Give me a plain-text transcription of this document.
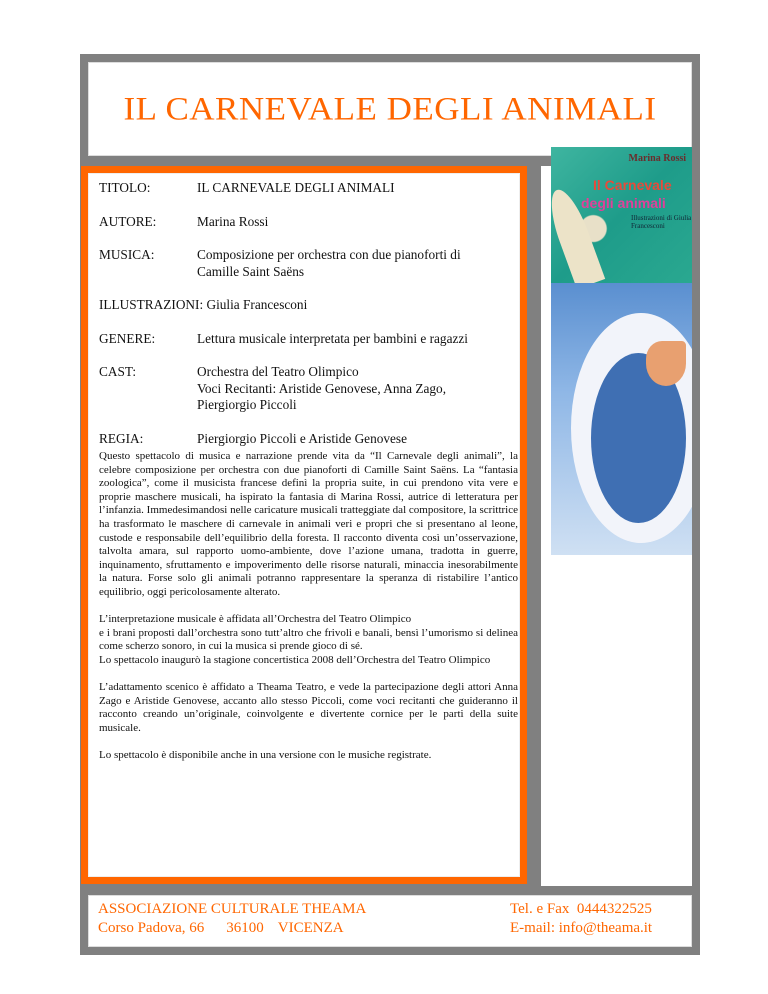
IL CARNEVALE DEGLI ANIMALI
TITOLO:	IL CARNEVALE DEGLI ANIMALI
AUTORE:	Marina Rossi
MUSICA:	Composizione per orchestra con due pianoforti di
Camille Saint Saëns
ILLUSTRAZIONI: Giulia Francesconi
GENERE:	Lettura musicale interpretata per bambini e ragazzi
CAST:	Orchestra del Teatro Olimpico
Voci Recitanti: Aristide Genovese, Anna Zago,
Piergiorgio Piccoli
REGIA:	Piergiorgio Piccoli e Aristide Genovese

Questo spettacolo di musica e narrazione prende vita da “Il Carnevale degli animali”, la celebre composizione per orchestra con due pianoforti di Camille Saint Saëns. La “fantasia zoologica”, come il musicista francese definì la propria suite, in cui prendono vita vere e proprie maschere musicali, ha ispirato la fantasia di Marina Rossi, autrice di letteratura per l’infanzia. Immedesimandosi nelle caricature musicali tratteggiate dal compositore, la scrittrice ha trasformato le maschere di carnevale in animali veri e propri che si presentano al leone, custode e responsabile dell’equilibrio della foresta. Il racconto diventa così un’osservazione, talvolta amara, sul rapporto uomo-ambiente, dove l’azione umana, tradotta in guerre, inquinamento, sfruttamento e impoverimento delle risorse naturali, minaccia inesorabilmente la natura. Forse solo gli animali potranno rappresentare la speranza di ristabilire l’antico equilibrio, oggi pericolosamente alterato.

L’interpretazione musicale è affidata all’Orchestra del Teatro Olimpico
e i brani proposti dall’orchestra sono tutt’altro che frivoli e banali, bensì l’umorismo si delinea come scherzo sonoro, in cui la musica si prende gioco di sé.
Lo spettacolo inaugurò la stagione concertistica 2008 dell’Orchestra del Teatro Olimpico

L’adattamento scenico è affidato a Theama Teatro, e vede la partecipazione degli attori Anna Zago e Aristide Genovese, accanto allo stesso Piccoli, come voci recitanti che guideranno il racconto creando un’originale, coinvolgente e divertente cornice per le parti della suite musicale.

Lo spettacolo è disponibile anche in una versione con le musiche registrate.

Marina Rossi
Il Carnevale
degli animali
Illustrazioni di Giulia Francesconi
ASSOCIAZIONE CULTURALE THEAMA
Corso Padova, 66 36100 VICENZA
Tel. e Fax  0444322525
E-mail: info@theama.it
